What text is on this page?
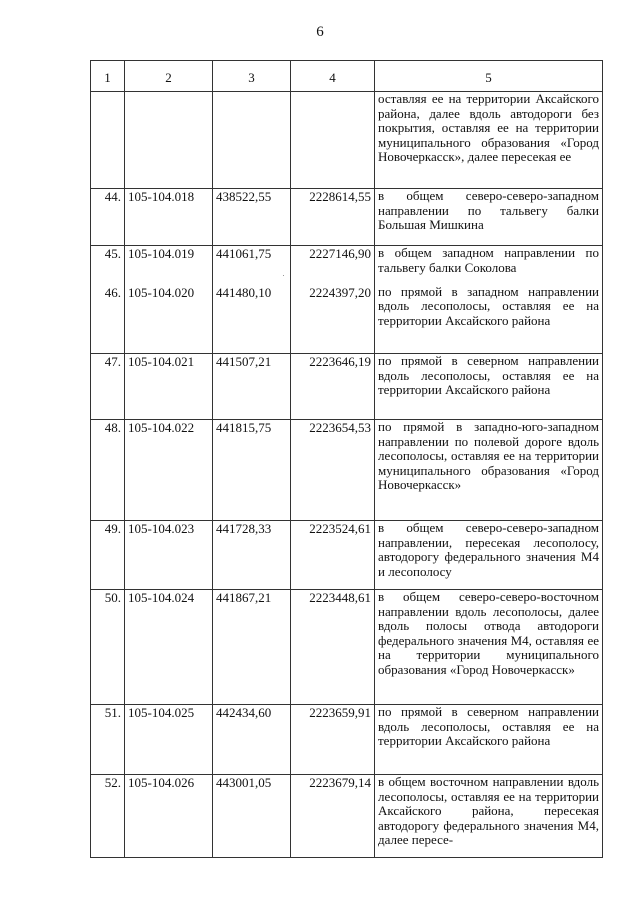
6
1	2	3	4	5
				оставляя ее на территории Аксайского района, далее вдоль автодороги без покрытия, оставляя ее на территории муниципального образования «Город Новочеркасск», далее пересекая ее
44.	105-104.018	438522,55	2228614,55	в общем северо-северо-западном направлении по тальвегу балки Большая Мишкина
45.	105-104.019	441061,75	2227146,90	в общем западном направлении по тальвегу балки Соколова
46.	105-104.020	441480,10	2224397,20	по прямой в западном направлении вдоль лесополосы, оставляя ее на территории Аксайского района
47.	105-104.021	441507,21	2223646,19	по прямой в северном направлении вдоль лесополосы, оставляя ее на территории Аксайского района
48.	105-104.022	441815,75	2223654,53	по прямой в западно-юго-западном направлении по полевой дороге вдоль лесополосы, оставляя ее на территории муниципального образования «Город Новочеркасск»
49.	105-104.023	441728,33	2223524,61	в общем северо-северо-западном направлении, пересекая лесополосу, автодорогу федерального значения М4 и лесополосу
50.	105-104.024	441867,21	2223448,61	в общем северо-северо-восточном направлении вдоль лесополосы, далее вдоль полосы отвода автодороги федерального значения М4, оставляя ее на территории муниципального образования «Город Новочеркасск»
51.	105-104.025	442434,60	2223659,91	по прямой в северном направлении вдоль лесополосы, оставляя ее на территории Аксайского района
52.	105-104.026	443001,05	2223679,14	в общем восточном направлении вдоль лесополосы, оставляя ее на территории Аксайского района, пересекая автодорогу федерального значения М4, далее пересе-
